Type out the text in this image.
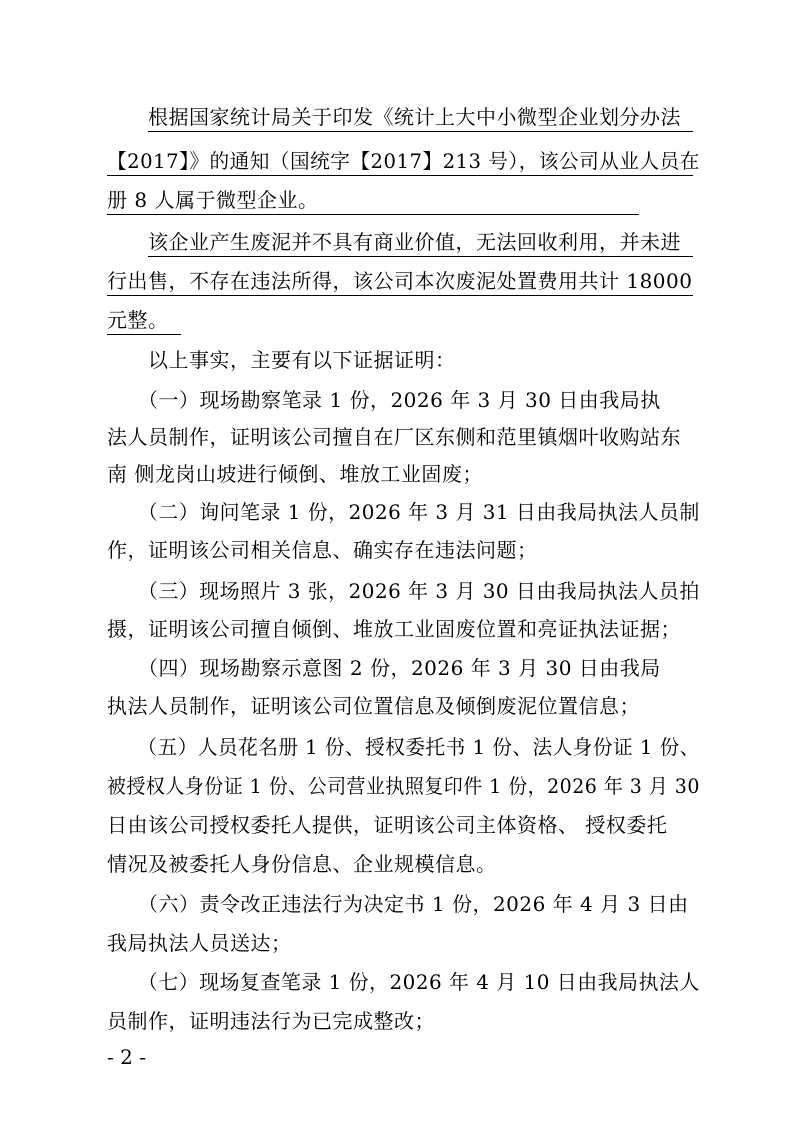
　　根据国家统计局关于印发《统计上大中小微型企业划分办法
【2017】》的通知（国统字【2017】213 号），该公司从业人员在
册 8 人属于微型企业。
　　该企业产生废泥并不具有商业价值，无法回收利用，并未进
行出售，不存在违法所得，该公司本次废泥处置费用共计 18000
元整。
　　以上事实，主要有以下证据证明：
　　（一）现场勘察笔录 1 份，2026 年 3 月 30 日由我局执
法人员制作，证明该公司擅自在厂区东侧和范里镇烟叶收购站东
南 侧龙岗山坡进行倾倒、堆放工业固废；
　　（二）询问笔录 1 份，2026 年 3 月 31 日由我局执法人员制
作，证明该公司相关信息、确实存在违法问题；
　　（三）现场照片 3 张，2026 年 3 月 30 日由我局执法人员拍
摄，证明该公司擅自倾倒、堆放工业固废位置和亮证执法证据；
　　（四）现场勘察示意图 2 份，2026 年 3 月 30 日由我局
执法人员制作，证明该公司位置信息及倾倒废泥位置信息；
　　（五）人员花名册 1 份、授权委托书 1 份、法人身份证 1 份、
被授权人身份证 1 份、公司营业执照复印件 1 份，2026 年 3 月 30
日由该公司授权委托人提供，证明该公司主体资格、 授权委托
情况及被委托人身份信息、企业规模信息。
　　（六）责令改正违法行为决定书 1 份，2026 年 4 月 3 日由
我局执法人员送达；
　　（七）现场复查笔录 1 份，2026 年 4 月 10 日由我局执法人
员制作，证明违法行为已完成整改；
- 2 -
